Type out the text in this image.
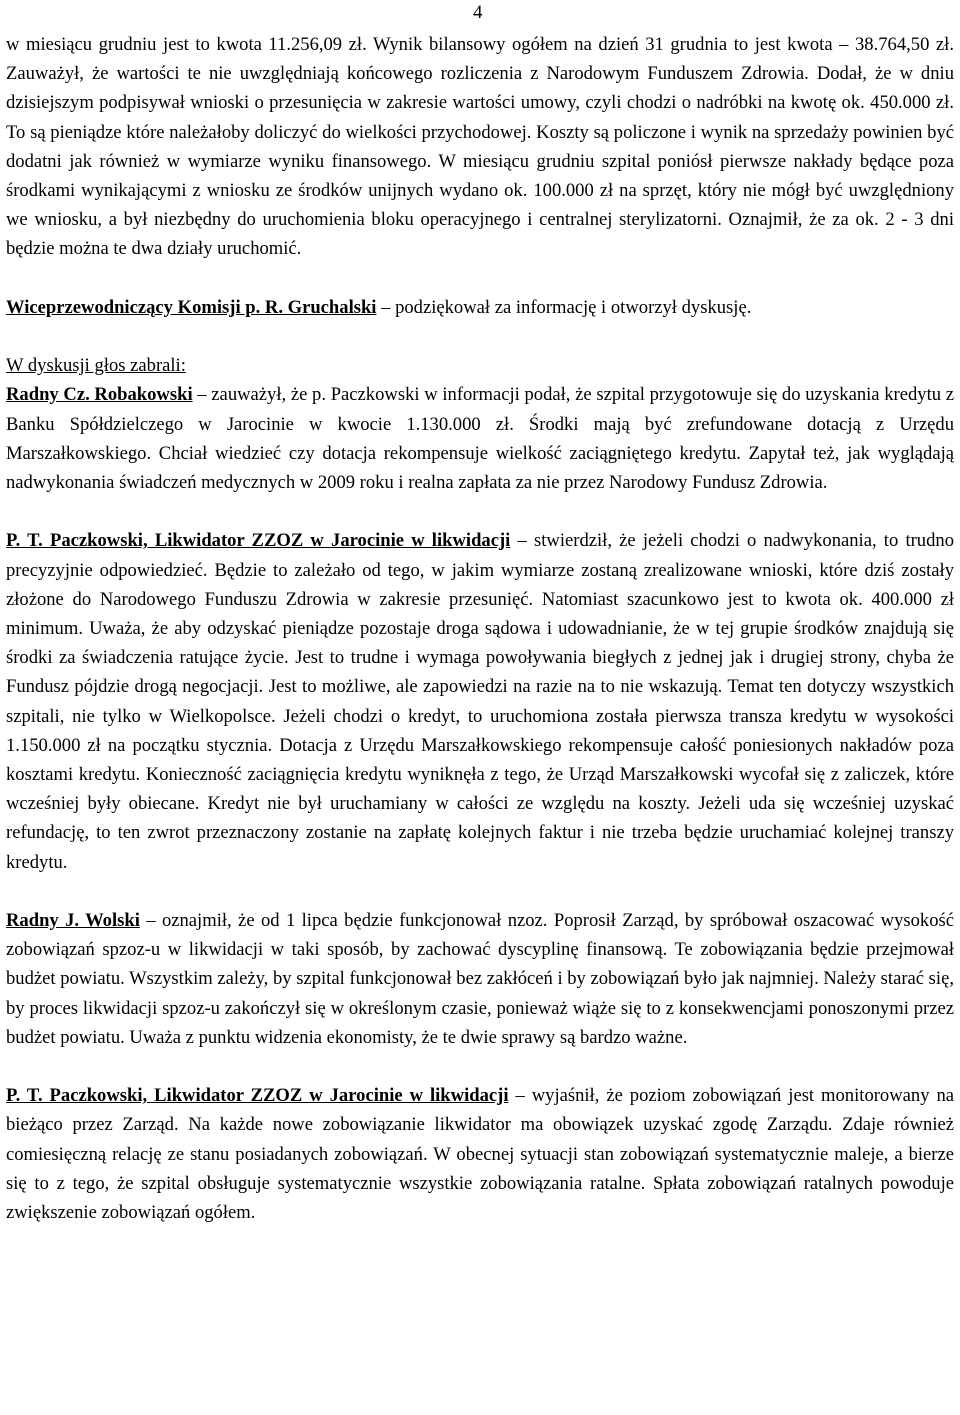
4

w miesiącu grudniu jest to kwota 11.256,09 zł. Wynik bilansowy ogółem na dzień 31 grudnia to jest kwota – 38.764,50 zł. Zauważył, że wartości te nie uwzględniają końcowego rozliczenia z Narodowym Funduszem Zdrowia. Dodał, że w dniu dzisiejszym podpisywał wnioski o przesunięcia w zakresie wartości umowy, czyli chodzi o nadróbki na kwotę ok. 450.000 zł. To są pieniądze które należałoby doliczyć do wielkości przychodowej. Koszty są policzone i wynik na sprzedaży powinien być dodatni jak również w wymiarze wyniku finansowego. W miesiącu grudniu szpital poniósł pierwsze nakłady będące poza środkami wynikającymi z wniosku ze środków unijnych wydano ok. 100.000 zł na sprzęt, który nie mógł być uwzględniony we wniosku, a był niezbędny do uruchomienia bloku operacyjnego i centralnej sterylizatorni. Oznajmił, że za ok. 2 - 3 dni będzie można te dwa działy uruchomić.

Wiceprzewodniczący Komisji p. R. Gruchalski – podziękował za informację i otworzył dyskusję.

W dyskusji głos zabrali:

Radny Cz. Robakowski – zauważył, że p. Paczkowski w informacji podał, że szpital przygotowuje się do uzyskania kredytu z Banku Spółdzielczego w Jarocinie w kwocie 1.130.000 zł. Środki mają być zrefundowane dotacją z Urzędu Marszałkowskiego. Chciał wiedzieć czy dotacja rekompensuje wielkość zaciągniętego kredytu. Zapytał też, jak wyglądają nadwykonania świadczeń medycznych w 2009 roku i realna zapłata za nie przez Narodowy Fundusz Zdrowia.

P. T. Paczkowski, Likwidator ZZOZ w Jarocinie w likwidacji – stwierdził, że jeżeli chodzi o nadwykonania, to trudno precyzyjnie odpowiedzieć. Będzie to zależało od tego, w jakim wymiarze zostaną zrealizowane wnioski, które dziś zostały złożone do Narodowego Funduszu Zdrowia w zakresie przesunięć. Natomiast szacunkowo jest to kwota ok. 400.000 zł minimum. Uważa, że aby odzyskać pieniądze pozostaje droga sądowa i udowadnianie, że w tej grupie środków znajdują się środki za świadczenia ratujące życie. Jest to trudne i wymaga powoływania biegłych z jednej jak i drugiej strony, chyba że Fundusz pójdzie drogą negocjacji. Jest to możliwe, ale zapowiedzi na razie na to nie wskazują. Temat ten dotyczy wszystkich szpitali, nie tylko w Wielkopolsce. Jeżeli chodzi o kredyt, to uruchomiona została pierwsza transza kredytu w wysokości 1.150.000 zł na początku stycznia. Dotacja z Urzędu Marszałkowskiego rekompensuje całość poniesionych nakładów poza kosztami kredytu. Konieczność zaciągnięcia kredytu wyniknęła z tego, że Urząd Marszałkowski wycofał się z zaliczek, które wcześniej były obiecane. Kredyt nie był uruchamiany w całości ze względu na koszty. Jeżeli uda się wcześniej uzyskać refundację, to ten zwrot przeznaczony zostanie na zapłatę kolejnych faktur i nie trzeba będzie uruchamiać kolejnej transzy kredytu.

Radny J. Wolski – oznajmił, że od 1 lipca będzie funkcjonował nzoz. Poprosił Zarząd, by spróbował oszacować wysokość zobowiązań spzoz-u w likwidacji w taki sposób, by zachować dyscyplinę finansową. Te zobowiązania będzie przejmował budżet powiatu. Wszystkim zależy, by szpital funkcjonował bez zakłóceń i by zobowiązań było jak najmniej. Należy starać się, by proces likwidacji spzoz-u zakończył się w określonym czasie, ponieważ wiąże się to z konsekwencjami ponoszonymi przez budżet powiatu. Uważa z punktu widzenia ekonomisty, że te dwie sprawy są bardzo ważne.

P. T. Paczkowski, Likwidator ZZOZ w Jarocinie w likwidacji – wyjaśnił, że poziom zobowiązań jest monitorowany na bieżąco przez Zarząd. Na każde nowe zobowiązanie likwidator ma obowiązek uzyskać zgodę Zarządu. Zdaje również comiesięczną relację ze stanu posiadanych zobowiązań. W obecnej sytuacji stan zobowiązań systematycznie maleje, a bierze się to z tego, że szpital obsługuje systematycznie wszystkie zobowiązania ratalne. Spłata zobowiązań ratalnych powoduje zwiększenie zobowiązań ogółem.
